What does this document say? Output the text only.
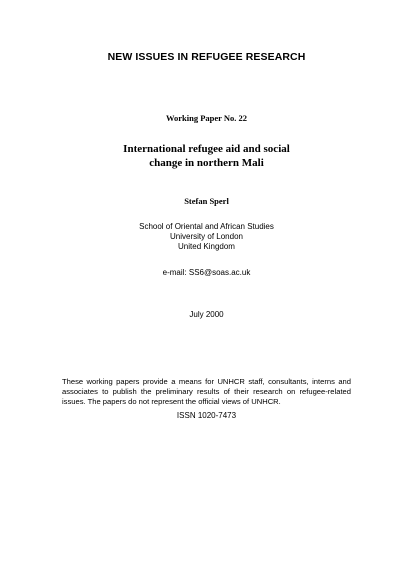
NEW ISSUES IN REFUGEE RESEARCH
Working Paper No. 22
International refugee aid and social
change in northern Mali
Stefan Sperl
School of Oriental and African Studies
University of London
United Kingdom
e-mail: SS6@soas.ac.uk
July 2000
These working papers provide a means for UNHCR staff, consultants, interns and associates to publish the preliminary results of their research on refugee-related issues. The papers do not represent the official views of UNHCR.
ISSN 1020-7473
